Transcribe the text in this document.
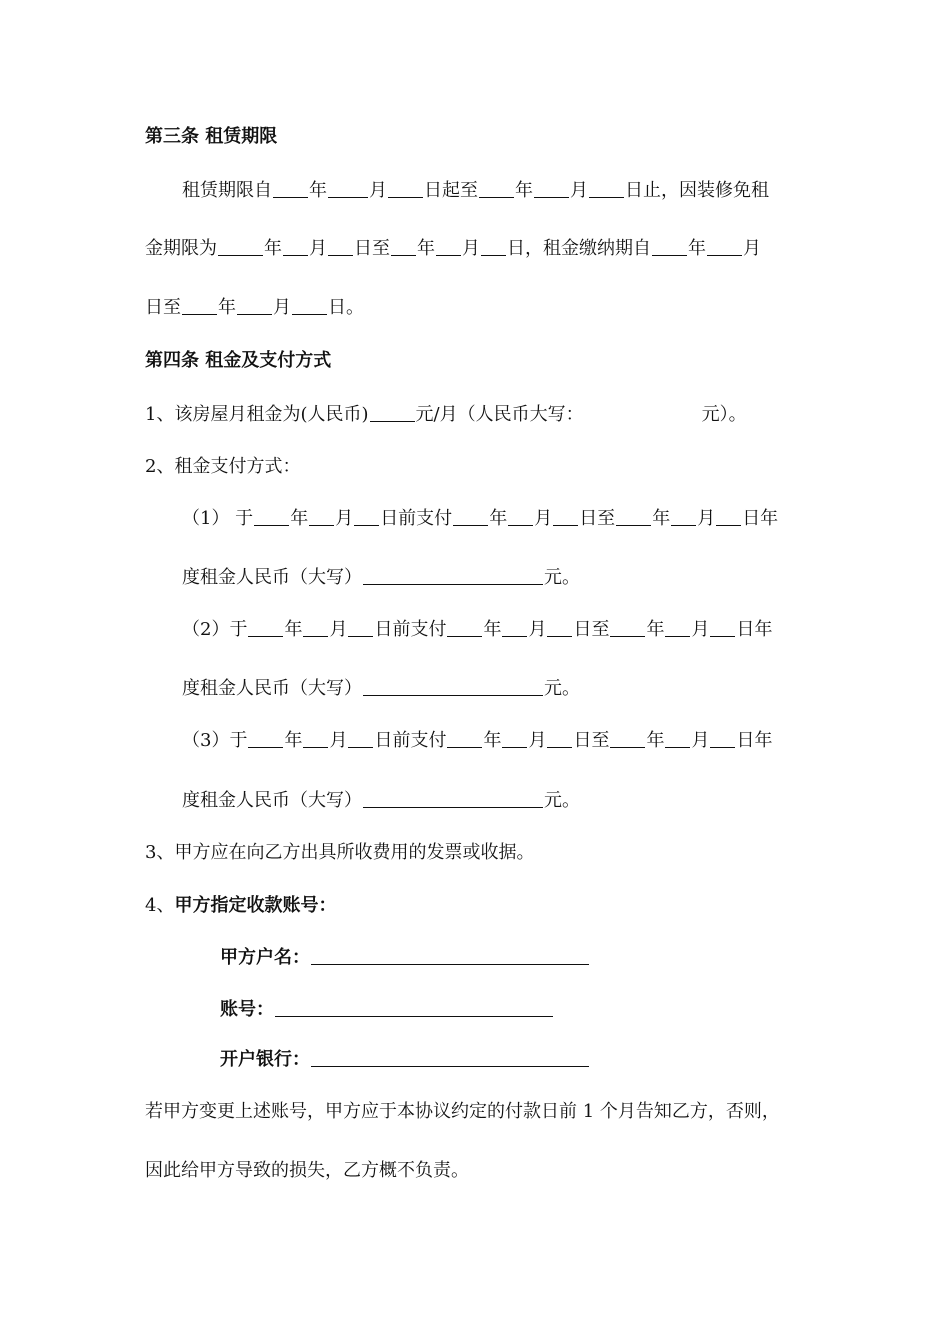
第三条 租赁期限
租赁期限自 年 月 日起至 年 月 日止，因装修免租
金期限为	年 月 日至 年 月 日，租金缴纳期自 年 月
日至 年 月 日。
第四条 租金及支付方式
1、该房屋月租金为(人民币)	元/月（人民币大写：	元）。
2、租金支付方式：
（1） 于 年 月 日前支付 年 月 日至 年 月 日年
度租金人民币（大写）	元。
（2）于 年 月 日前支付 年 月 日至 年 月 日年
度租金人民币（大写）	元。
（3）于 年 月 日前支付 年 月 日至 年 月 日年
度租金人民币（大写）	元。
3、甲方应在向乙方出具所收费用的发票或收据。
4、甲方指定收款账号：
甲方户名：
账号：
开户银行：
若甲方变更上述账号，甲方应于本协议约定的付款日前 1 个月告知乙方，否则，
因此给甲方导致的损失，乙方概不负责。
